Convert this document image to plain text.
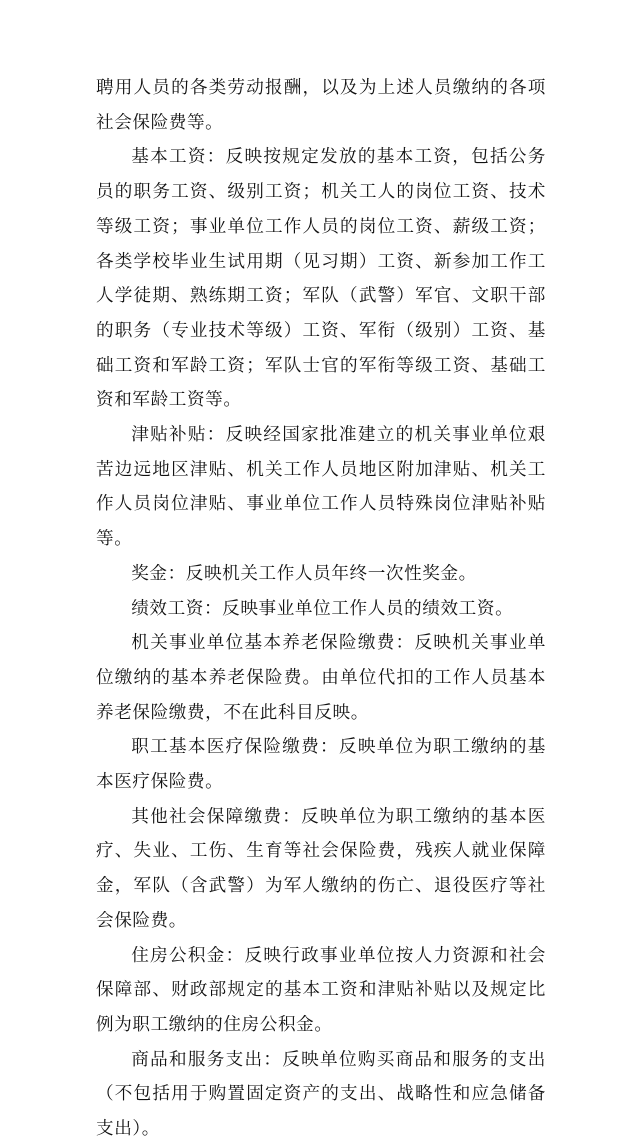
聘用人员的各类劳动报酬，以及为上述人员缴纳的各项社会保险费等。

基本工资：反映按规定发放的基本工资，包括公务员的职务工资、级别工资；机关工人的岗位工资、技术等级工资；事业单位工作人员的岗位工资、薪级工资；各类学校毕业生试用期（见习期）工资、新参加工作工人学徒期、熟练期工资；军队（武警）军官、文职干部的职务（专业技术等级）工资、军衔（级别）工资、基础工资和军龄工资；军队士官的军衔等级工资、基础工资和军龄工资等。

津贴补贴：反映经国家批准建立的机关事业单位艰苦边远地区津贴、机关工作人员地区附加津贴、机关工作人员岗位津贴、事业单位工作人员特殊岗位津贴补贴等。

奖金：反映机关工作人员年终一次性奖金。

绩效工资：反映事业单位工作人员的绩效工资。

机关事业单位基本养老保险缴费：反映机关事业单位缴纳的基本养老保险费。由单位代扣的工作人员基本养老保险缴费，不在此科目反映。

职工基本医疗保险缴费：反映单位为职工缴纳的基本医疗保险费。

其他社会保障缴费：反映单位为职工缴纳的基本医疗、失业、工伤、生育等社会保险费，残疾人就业保障金，军队（含武警）为军人缴纳的伤亡、退役医疗等社会保险费。

住房公积金：反映行政事业单位按人力资源和社会保障部、财政部规定的基本工资和津贴补贴以及规定比例为职工缴纳的住房公积金。

商品和服务支出：反映单位购买商品和服务的支出（不包括用于购置固定资产的支出、战略性和应急储备支出）。
